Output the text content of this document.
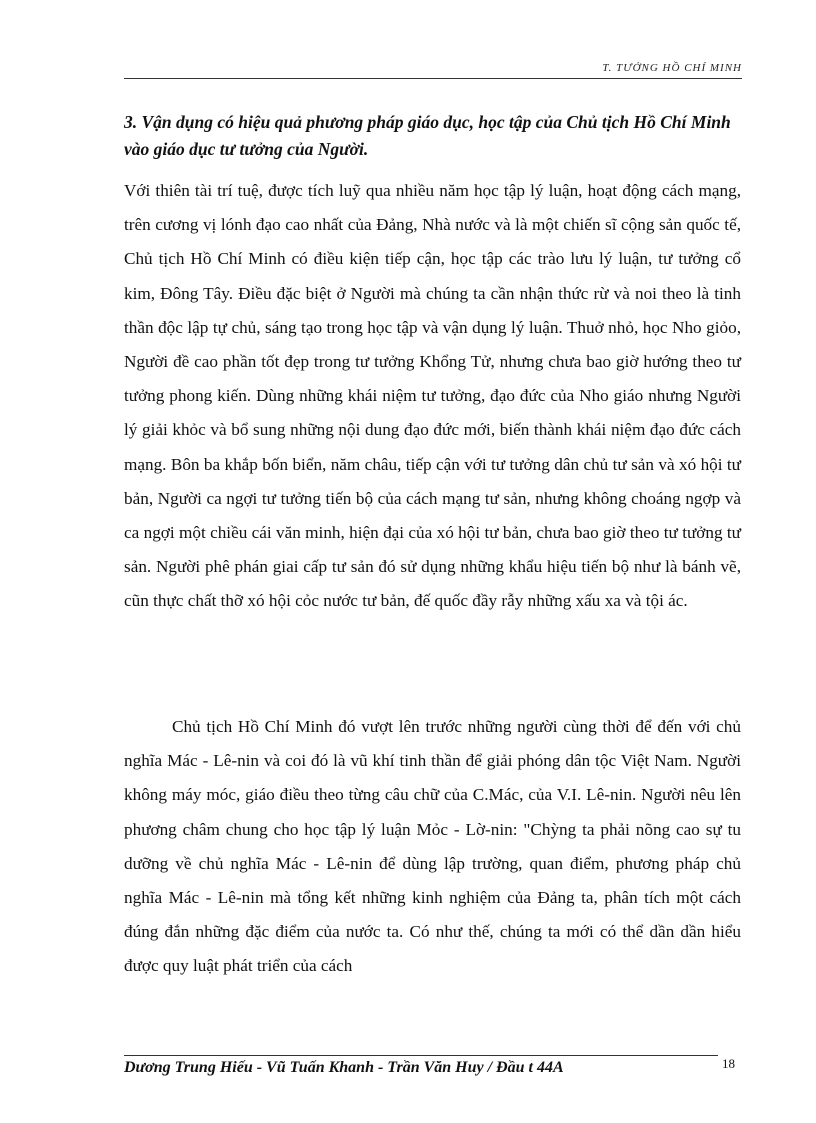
T. TƯỞNG HỒ CHÍ MINH
3. Vận dụng có hiệu quả phương pháp giáo dục, học tập của Chủ tịch Hồ Chí Minh vào giáo dục tư tưởng của Người.

Với thiên tài trí tuệ, được tích luỹ qua nhiều năm học tập lý luận, hoạt động cách mạng, trên cương vị lónh đạo cao nhất của Đảng, Nhà nước và là một chiến sĩ cộng sản quốc tế, Chủ tịch Hồ Chí Minh có điều kiện tiếp cận, học tập các trào lưu lý luận, tư tưởng cổ kim, Đông Tây. Điều đặc biệt ở Người mà chúng ta cần nhận thức rừ và noi theo là tinh thần độc lập tự chủ, sáng tạo trong học tập và vận dụng lý luận. Thuở nhỏ, học Nho giỏo, Người đề cao phần tốt đẹp trong tư tưởng Khổng Tử, nhưng chưa bao giờ hướng theo tư tưởng phong kiến. Dùng những khái niệm tư tưởng, đạo đức của Nho giáo nhưng Người lý giải khỏc và bổ sung những nội dung đạo đức mới, biến thành khái niệm đạo đức cách mạng. Bôn ba khắp bốn biển, năm châu, tiếp cận với tư tưởng dân chủ tư sản và xó hội tư bản, Người ca ngợi tư tưởng tiến bộ của cách mạng tư sản, nhưng không choáng ngợp và ca ngợi một chiều cái văn minh, hiện đại của xó hội tư bản, chưa bao giờ theo tư tưởng tư sản. Người phê phán giai cấp tư sản đó sử dụng những khẩu hiệu tiến bộ như là bánh vẽ, cũn thực chất thỡ xó hội cỏc nước tư bản, đế quốc đầy rẫy những xấu xa và tội ác.

Chủ tịch Hồ Chí Minh đó vượt lên trước những người cùng thời để đến với chủ nghĩa Mác - Lê-nin và coi đó là vũ khí tinh thần để giải phóng dân tộc Việt Nam. Người không máy móc, giáo điều theo từng câu chữ của C.Mác, của V.I. Lê-nin. Người nêu lên phương châm chung cho học tập lý luận Mỏc - Lờ-nin: "Chỳng ta phải nõng cao sự tu dưỡng về chủ nghĩa Mác - Lê-nin để dùng lập trường, quan điểm, phương pháp chủ nghĩa Mác - Lê-nin mà tổng kết những kinh nghiệm của Đảng ta, phân tích một cách đúng đắn những đặc điểm của nước ta. Có như thế, chúng ta mới có thể dần dần hiểu được quy luật phát triển của cách

Dương Trung Hiếu - Vũ Tuấn Khanh - Trần Văn Huy / Đầu t 44A	18
